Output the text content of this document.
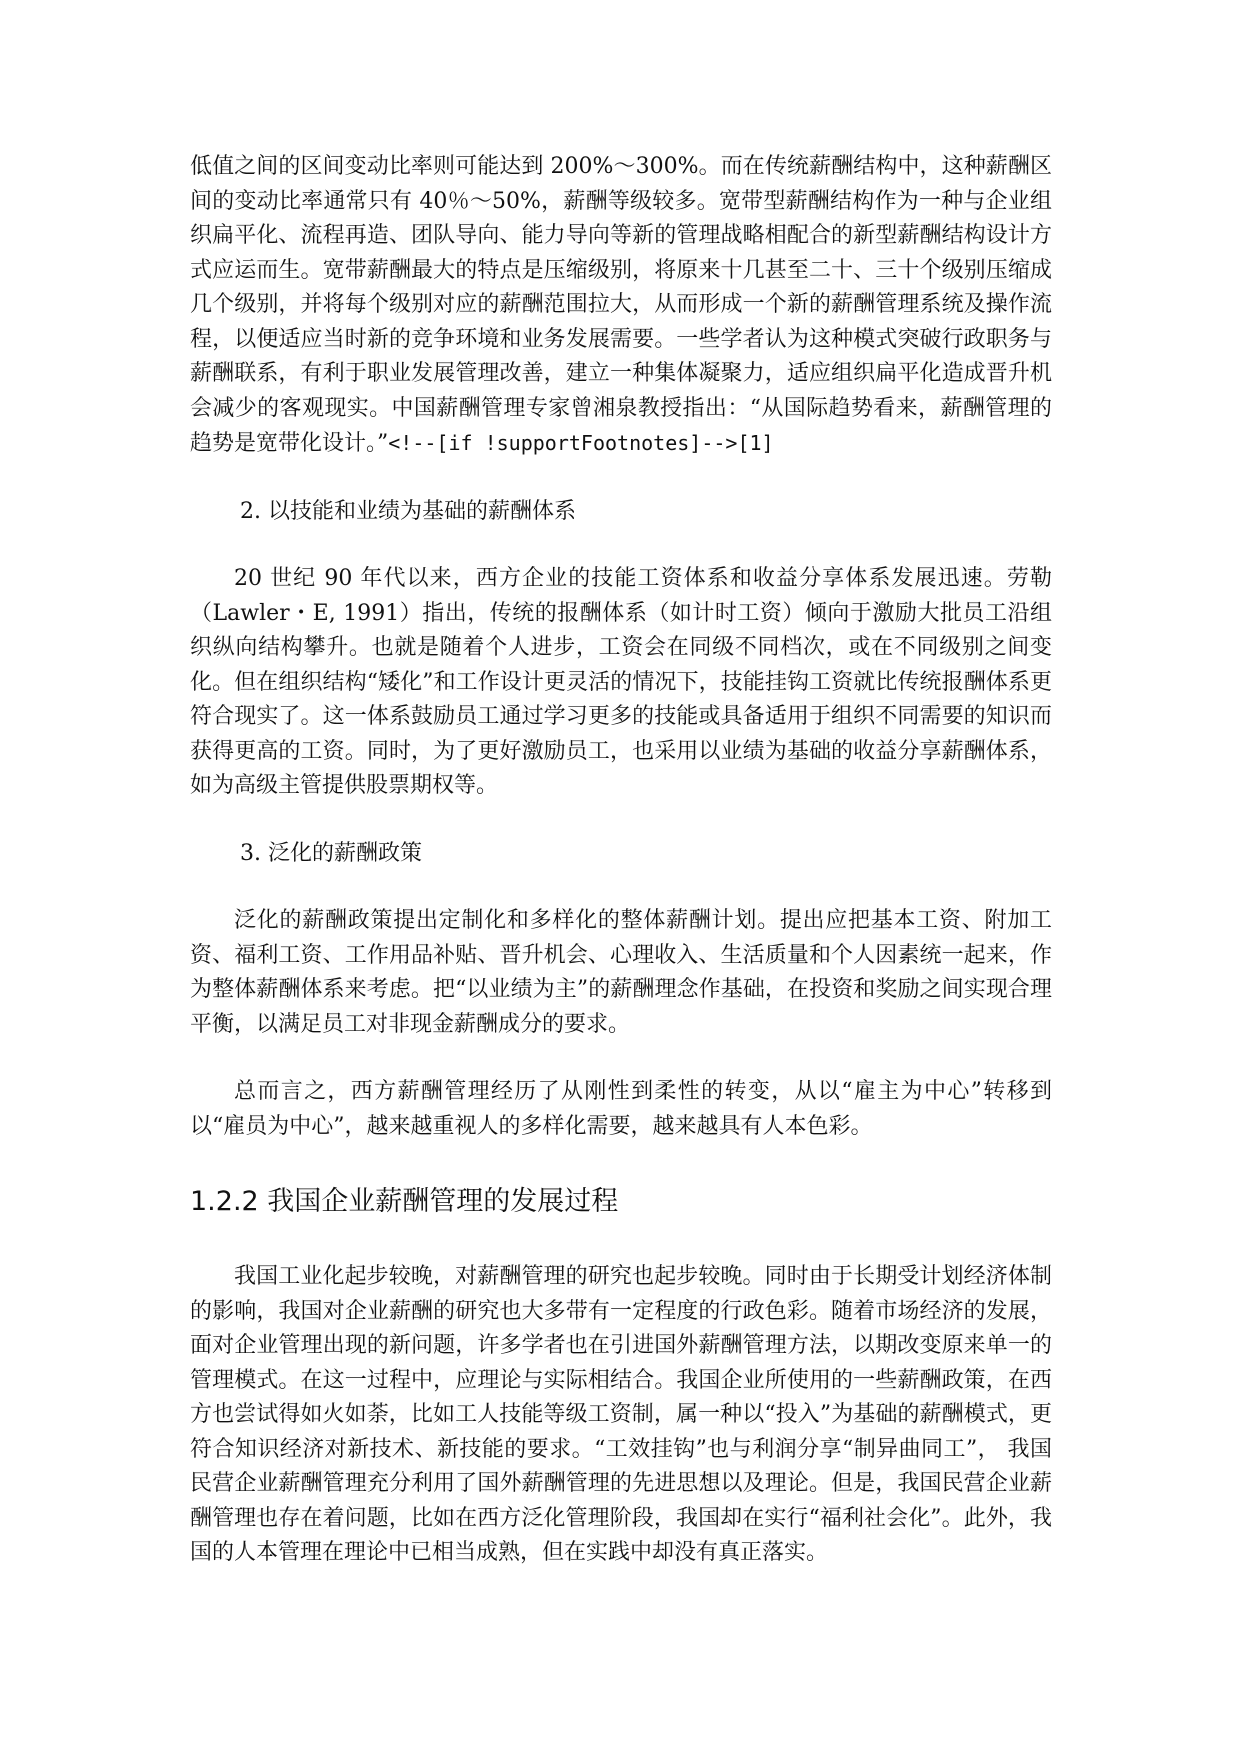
低值之间的区间变动比率则可能达到 200%～300%。而在传统薪酬结构中，这种薪酬区间的变动比率通常只有 40％～50%，薪酬等级较多。宽带型薪酬结构作为一种与企业组织扁平化、流程再造、团队导向、能力导向等新的管理战略相配合的新型薪酬结构设计方式应运而生。宽带薪酬最大的特点是压缩级别，将原来十几甚至二十、三十个级别压缩成几个级别，并将每个级别对应的薪酬范围拉大，从而形成一个新的薪酬管理系统及操作流程，以便适应当时新的竞争环境和业务发展需要。一些学者认为这种模式突破行政职务与薪酬联系，有利于职业发展管理改善，建立一种集体凝聚力，适应组织扁平化造成晋升机会减少的客观现实。中国薪酬管理专家曾湘泉教授指出：“从国际趋势看来，薪酬管理的趋势是宽带化设计。”<!--[if !supportFootnotes]-->[1]

2. 以技能和业绩为基础的薪酬体系

20 世纪 90 年代以来，西方企业的技能工资体系和收益分享体系发展迅速。劳勒（Lawler・E, 1991）指出，传统的报酬体系（如计时工资）倾向于激励大批员工沿组织纵向结构攀升。也就是随着个人进步，工资会在同级不同档次，或在不同级别之间变化。但在组织结构“矮化”和工作设计更灵活的情况下，技能挂钩工资就比传统报酬体系更符合现实了。这一体系鼓励员工通过学习更多的技能或具备适用于组织不同需要的知识而获得更高的工资。同时，为了更好激励员工，也采用以业绩为基础的收益分享薪酬体系，如为高级主管提供股票期权等。

3. 泛化的薪酬政策

泛化的薪酬政策提出定制化和多样化的整体薪酬计划。提出应把基本工资、附加工资、福利工资、工作用品补贴、晋升机会、心理收入、生活质量和个人因素统一起来，作为整体薪酬体系来考虑。把“以业绩为主”的薪酬理念作基础，在投资和奖励之间实现合理平衡，以满足员工对非现金薪酬成分的要求。

总而言之，西方薪酬管理经历了从刚性到柔性的转变，从以“雇主为中心”转移到以“雇员为中心”，越来越重视人的多样化需要，越来越具有人本色彩。

1.2.2 我国企业薪酬管理的发展过程

我国工业化起步较晚，对薪酬管理的研究也起步较晚。同时由于长期受计划经济体制的影响，我国对企业薪酬的研究也大多带有一定程度的行政色彩。随着市场经济的发展，面对企业管理出现的新问题，许多学者也在引进国外薪酬管理方法，以期改变原来单一的管理模式。在这一过程中，应理论与实际相结合。我国企业所使用的一些薪酬政策，在西方也尝试得如火如荼，比如工人技能等级工资制，属一种以“投入”为基础的薪酬模式，更符合知识经济对新技术、新技能的要求。“工效挂钩”也与利润分享“制异曲同工”， 我国民营企业薪酬管理充分利用了国外薪酬管理的先进思想以及理论。但是，我国民营企业薪酬管理也存在着问题，比如在西方泛化管理阶段，我国却在实行“福利社会化”。此外，我国的人本管理在理论中已相当成熟，但在实践中却没有真正落实。
